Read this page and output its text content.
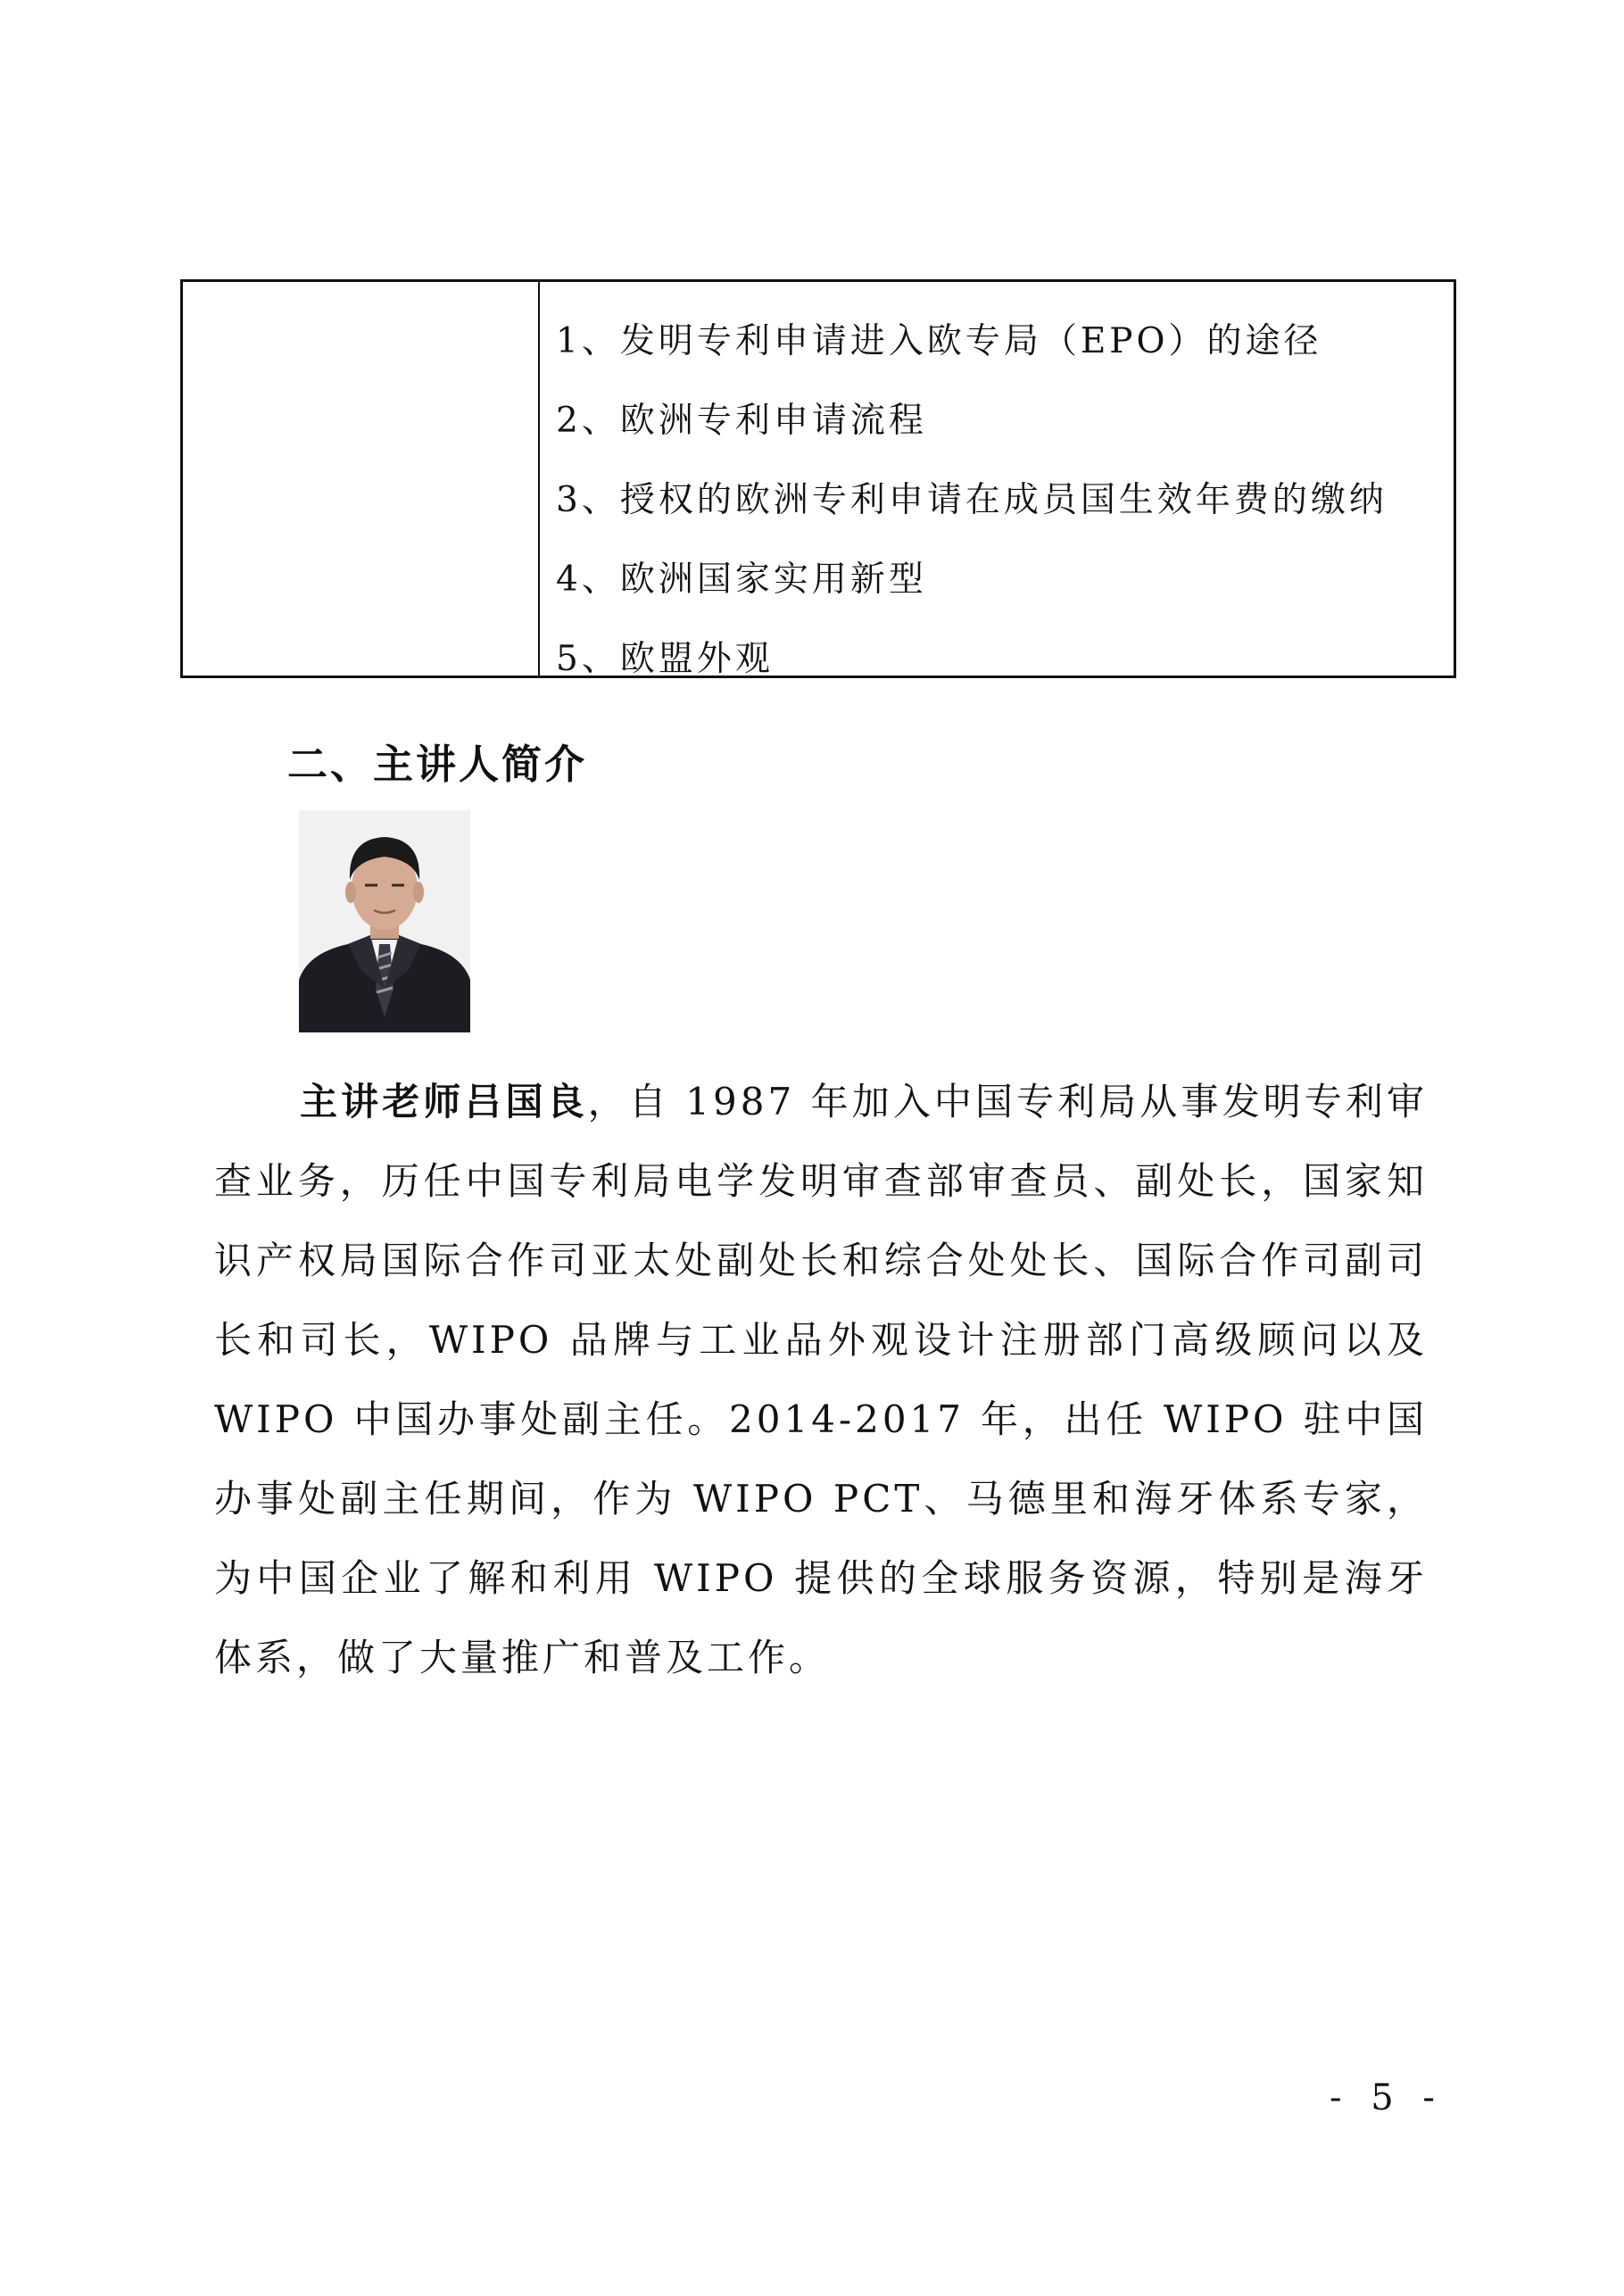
1、发明专利申请进入欧专局（EPO）的途径
2、欧洲专利申请流程
3、授权的欧洲专利申请在成员国生效年费的缴纳
4、欧洲国家实用新型
5、欧盟外观
二、主讲人简介
主讲老师吕国良，自 1987 年加入中国专利局从事发明专利审查业务，历任中国专利局电学发明审查部审查员、副处长，国家知识产权局国际合作司亚太处副处长和综合处处长、国际合作司副司长和司长，WIPO 品牌与工业品外观设计注册部门高级顾问以及 WIPO 中国办事处副主任。2014-2017 年，出任 WIPO 驻中国办事处副主任期间，作为 WIPO PCT、马德里和海牙体系专家，为中国企业了解和利用 WIPO 提供的全球服务资源，特别是海牙体系，做了大量推广和普及工作。
- 5 -
